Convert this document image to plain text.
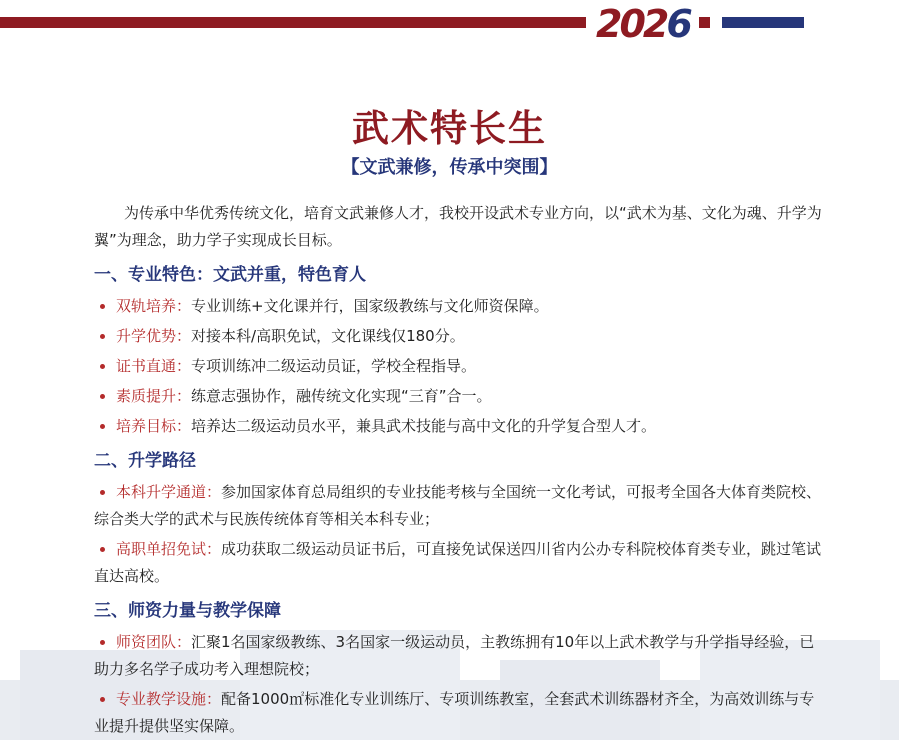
2026
武术特长生
【文武兼修，传承中突围】

为传承中华优秀传统文化，培育文武兼修人才，我校开设武术专业方向，以“武术为基、文化为魂、升学为翼”为理念，助力学子实现成长目标。

一、专业特色：文武并重，特色育人
双轨培养：专业训练+文化课并行，国家级教练与文化师资保障。
升学优势：对接本科/高职免试，文化课线仅180分。
证书直通：专项训练冲二级运动员证，学校全程指导。
素质提升：练意志强协作，融传统文化实现“三育”合一。
培养目标：培养达二级运动员水平，兼具武术技能与高中文化的升学复合型人才。
二、升学路径
本科升学通道：参加国家体育总局组织的专业技能考核与全国统一文化考试，可报考全国各大体育类院校、综合类大学的武术与民族传统体育等相关本科专业；
高职单招免试：成功获取二级运动员证书后，可直接免试保送四川省内公办专科院校体育类专业，跳过笔试直达高校。
三、师资力量与教学保障
师资团队：汇聚1名国家级教练、3名国家一级运动员，主教练拥有10年以上武术教学与升学指导经验，已助力多名学子成功考入理想院校；
专业教学设施：配备1000㎡标准化专业训练厅、专项训练教室，全套武术训练器材齐全，为高效训练与专业提升提供坚实保障。
